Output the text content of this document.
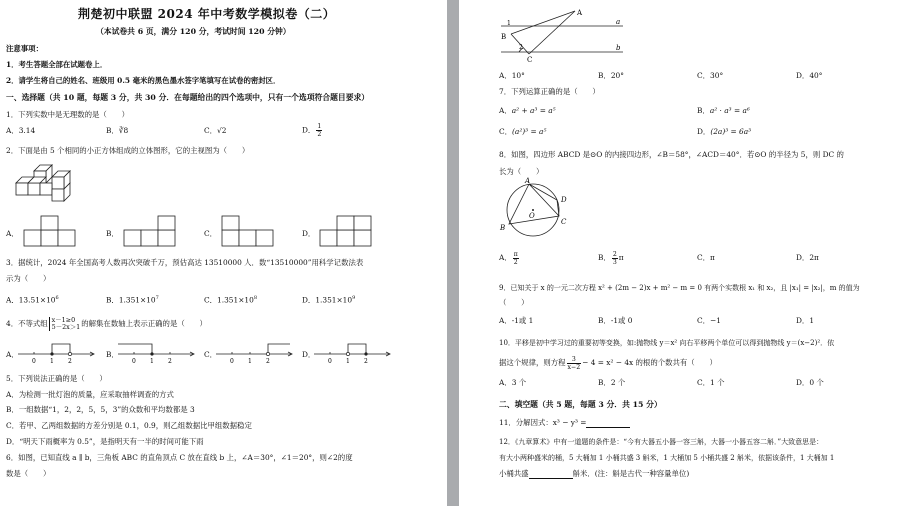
荆楚初中联盟 2024 年中考数学模拟卷（二）
（本试卷共 6 页，满分 120 分，考试时间 120 分钟）
注意事项：
1．考生答题全部在试题卷上．
2．请学生将自己的姓名、班级用 0.5 毫米的黑色墨水签字笔填写在试卷的密封区．
一、选择题（共 10 题，每题 3 分，共 30 分．在每题给出的四个选项中，只有一个选项符合题目要求）
1．下列实数中是无理数的是（　　）
A．3.14	B．∛8	C．√2	D． $\frac{1}{2}$
2．下面是由 5 个相同的小正方体组成的立体图形，它的主视图为（　　）
A．	B．	C．	D．
3．据统计，2024 年全国高考人数再次突破千万，预估高达 13510000 人．数“13510000”用科学记数法表
示为（　　）
A．$13.51\times 10^6$	B．$1.351\times 10^7$	C．$1.351\times 10^8$	D．$1.351\times 10^9$
4．不等式组 x－1≥0
5－2x＞1 的解集在数轴上表示正确的是（　　）
A．
0 1 2
B．
0 1 2
C．
0 1 2
D．
0 1 2
5．下列说法正确的是（　　）
A．为检测一批灯泡的质量，应采取抽样调查的方式
B．一组数据“1，2，2，5，5，3”的众数和平均数都是 3
C．若甲、乙两组数据的方差分别是 0.1，0.9，则乙组数据比甲组数据稳定
D．“明天下雨概率为 0.5”，是指明天有一半的时间可能下雨
6．如图，已知直线 a ∥ b，三角板 ABC 的直角顶点 C 放在直线 b 上，∠A＝30°，∠1＝20°，则∠2的度
数是（　　）
A
a
B
1
2
C
b
A．10°	B．20°	C．30°	D．40°
7．下列运算正确的是（　　）
A．a² + a³ = a⁵	B．a² · a³ = a⁶
C．(a²)³ = a⁵	D．(2a)³ = 6a³
8．如图，四边形 ABCD 是⊙O 的内接四边形，∠B＝58°，∠ACD＝40°．若⊙O 的半径为 5，则 DC 的
长为（　　）
A
O
D
B
C
A． $\frac{\pi}{2}$	B． $\frac{2}{3}$ π	C．π	D．2π
9．已知关于 x 的一元二次方程 x² + (2m − 2)x + m² − m = 0 有两个实数根 x₁ 和 x₂，且 |x₁| = |x₂|，m 的值为
（　　）
A．-1或 1	B．-1或 0	C．−1	D．1
10．平移是初中学习过的重要初等变换，如:抛物线 y＝x² 向右平移两个单位可以得到抛物线 y＝(x−2)²．依
据这个规律，则方程 $\frac{3}{x-2} - 4 = x^2 - 4x$ 的根的个数共有（　　）
A．3 个	B．2 个	C．1 个	D．0 个
二、填空题（共 5 题，每题 3 分．共 15 分）
11．分解因式：x³ − y³ =
12．《九章算术》中有一道题的条件是：“今有大器五小器一容三斛，大器一小器五容二斛．”大致意思是：
有大小两种盛米的桶，5 大桶加 1 小桶共盛 3 斛米，1 大桶加 5 小桶共盛 2 斛米，依据该条件，1 大桶加 1
小桶共盛	斛米．(注：斛是古代一种容量单位)
